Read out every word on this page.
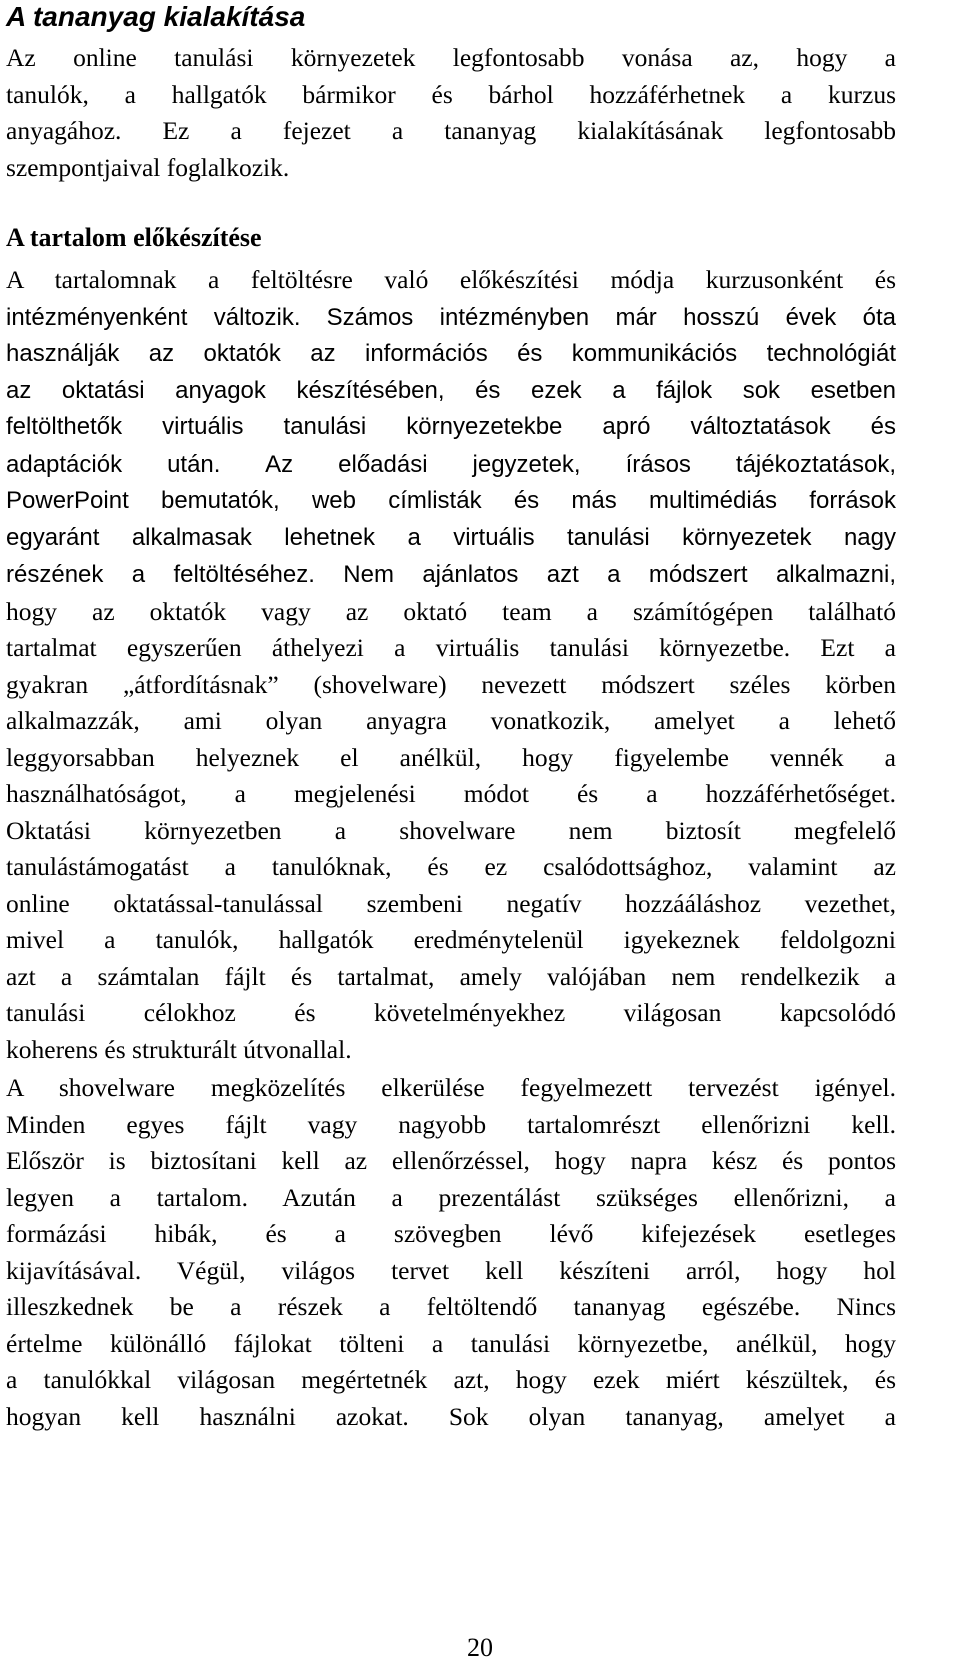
A tananyag kialakítása
Az online tanulási környezetek legfontosabb vonása az, hogy a
tanulók, a hallgatók bármikor és bárhol hozzáférhetnek a kurzus
anyagához. Ez a fejezet a tananyag kialakításának legfontosabb
szempontjaival foglalkozik.
A tartalom előkészítése
A tartalomnak a feltöltésre való előkészítési módja kurzusonként és
intézményenként változik. Számos intézményben már hosszú évek óta
használják az oktatók az információs és kommunikációs technológiát
az oktatási anyagok készítésében, és ezek a fájlok sok esetben
feltölthetők virtuális tanulási környezetekbe apró változtatások és
adaptációk után. Az előadási jegyzetek, írásos tájékoztatások,
PowerPoint bemutatók, web címlisták és más multimédiás források
egyaránt alkalmasak lehetnek a virtuális tanulási környezetek nagy
részének a feltöltéséhez. Nem ajánlatos azt a módszert alkalmazni,
hogy az oktatók vagy az oktató team a számítógépen található
tartalmat egyszerűen áthelyezi a virtuális tanulási környezetbe. Ezt a
gyakran „átfordításnak” (shovelware) nevezett módszert széles körben
alkalmazzák, ami olyan anyagra vonatkozik, amelyet a lehető
leggyorsabban helyeznek el anélkül, hogy figyelembe vennék a
használhatóságot, a megjelenési módot és a hozzáférhetőséget.
Oktatási környezetben a shovelware nem biztosít megfelelő
tanulástámogatást a tanulóknak, és ez csalódottsághoz, valamint az
online oktatással-tanulással szembeni negatív hozzááláshoz vezethet,
mivel a tanulók, hallgatók eredménytelenül igyekeznek feldolgozni
azt a számtalan fájlt és tartalmat, amely valójában nem rendelkezik a
tanulási célokhoz és követelményekhez világosan kapcsolódó
koherens és strukturált útvonallal.
A shovelware megközelítés elkerülése fegyelmezett tervezést igényel.
Minden egyes fájlt vagy nagyobb tartalomrészt ellenőrizni kell.
Először is biztosítani kell az ellenőrzéssel, hogy napra kész és pontos
legyen a tartalom. Azután a prezentálást szükséges ellenőrizni, a
formázási hibák, és a szövegben lévő kifejezések esetleges
kijavításával. Végül, világos tervet kell készíteni arról, hogy hol
illeszkednek be a részek a feltöltendő tananyag egészébe. Nincs
értelme különálló fájlokat tölteni a tanulási környezetbe, anélkül, hogy
a tanulókkal világosan megértetnék azt, hogy ezek miért készültek, és
hogyan kell használni azokat. Sok olyan tananyag, amelyet a
20
